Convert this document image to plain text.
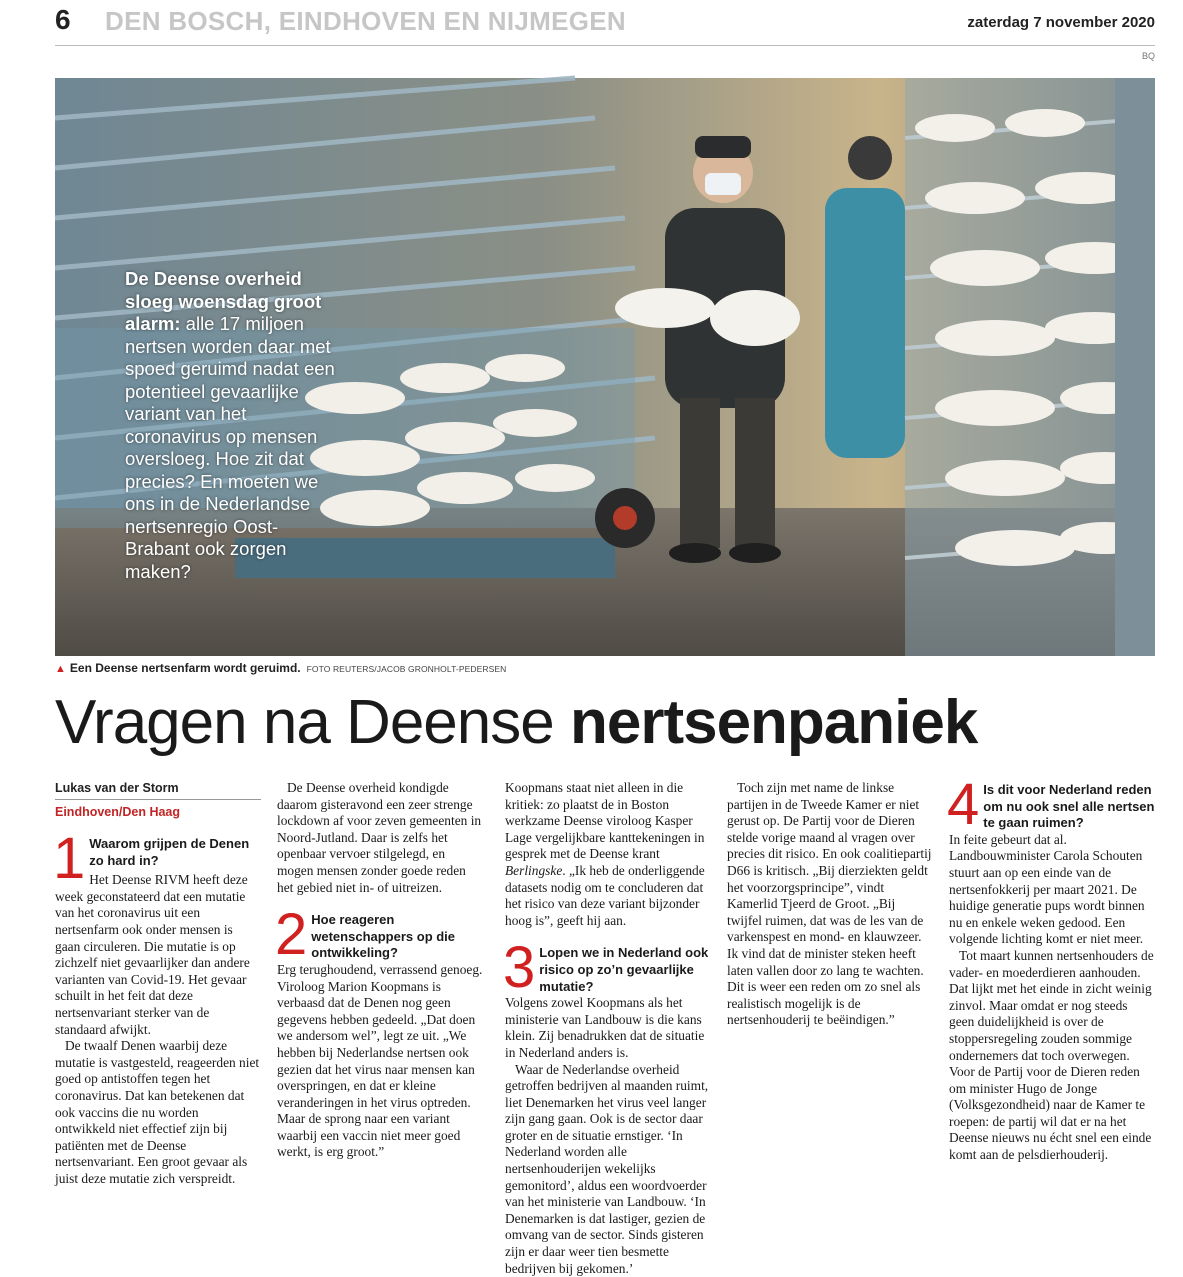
6 DEN BOSCH, EINDHOVEN EN NIJMEGEN	zaterdag 7 november 2020
BQ
De Deense overheid sloeg woensdag groot alarm: alle 17 miljoen nertsen worden daar met spoed geruimd nadat een potentieel gevaarlijke variant van het coronavirus op mensen oversloeg. Hoe zit dat precies? En moeten we ons in de Nederlandse nertsenregio Oost-Brabant ook zorgen maken?
▲ Een Deense nertsenfarm wordt geruimd. FOTO REUTERS/JACOB GRONHOLT-PEDERSEN
Vragen na Deense nertsenpaniek
Lukas van der Storm
Eindhoven/Den Haag
1 Waarom grijpen de Denen zo hard in?

Het Deense RIVM heeft deze week geconstateerd dat een mutatie van het coronavirus uit een nertsenfarm ook onder mensen is gaan circuleren. Die mutatie is op zichzelf niet gevaarlijker dan andere varianten van Covid-19. Het gevaar schuilt in het feit dat deze nertsenvariant sterker van de standaard afwijkt.

De twaalf Denen waarbij deze mutatie is vastgesteld, reageerden niet goed op antistoffen tegen het coronavirus. Dat kan betekenen dat ook vaccins die nu worden ontwikkeld niet effectief zijn bij patiënten met de Deense nertsenvariant. Een groot gevaar als juist deze mutatie zich verspreidt.

De Deense overheid kondigde daarom gisteravond een zeer strenge lockdown af voor zeven gemeenten in Noord-Jutland. Daar is zelfs het openbaar vervoer stilgelegd, en mogen mensen zonder goede reden het gebied niet in- of uitreizen.

2 Hoe reageren wetenschappers op die ontwikkeling?

Erg terughoudend, verrassend genoeg. Viroloog Marion Koopmans is verbaasd dat de Denen nog geen gegevens hebben gedeeld. „Dat doen we andersom wel”, legt ze uit. „We hebben bij Nederlandse nertsen ook gezien dat het virus naar mensen kan overspringen, en dat er kleine veranderingen in het virus optreden. Maar de sprong naar een variant waarbij een vaccin niet meer goed werkt, is erg groot.”

Koopmans staat niet alleen in die kritiek: zo plaatst de in Boston werkzame Deense viroloog Kasper Lage vergelijkbare kanttekeningen in gesprek met de Deense krant Berlingske. „Ik heb de onderliggende datasets nodig om te concluderen dat het risico van deze variant bijzonder hoog is”, geeft hij aan.

3 Lopen we in Nederland ook risico op zo’n gevaarlijke mutatie?

Volgens zowel Koopmans als het ministerie van Landbouw is die kans klein. Zij benadrukken dat de situatie in Nederland anders is.

Waar de Nederlandse overheid getroffen bedrijven al maanden ruimt, liet Denemarken het virus veel langer zijn gang gaan. Ook is de sector daar groter en de situatie ernstiger. ‘In Nederland worden alle nertsenhouderijen wekelijks gemonitord’, aldus een woordvoerder van het ministerie van Landbouw. ‘In Denemarken is dat lastiger, gezien de omvang van de sector. Sinds gisteren zijn er daar weer tien besmette bedrijven bij gekomen.’

Toch zijn met name de linkse partijen in de Tweede Kamer er niet gerust op. De Partij voor de Dieren stelde vorige maand al vragen over precies dit risico. En ook coalitiepartij D66 is kritisch. „Bij dierziekten geldt het voorzorgsprincipe”, vindt Kamerlid Tjeerd de Groot. „Bij twijfel ruimen, dat was de les van de varkenspest en mond- en klauwzeer. Ik vind dat de minister steken heeft laten vallen door zo lang te wachten. Dit is weer een reden om zo snel als realistisch mogelijk is de nertsenhouderij te beëindigen.”

4 Is dit voor Nederland reden om nu ook snel alle nertsen te gaan ruimen?

In feite gebeurt dat al. Landbouwminister Carola Schouten stuurt aan op een einde van de nertsenfokkerij per maart 2021. De huidige generatie pups wordt binnen nu en enkele weken gedood. Een volgende lichting komt er niet meer.

Tot maart kunnen nertsenhouders de vader- en moederdieren aanhouden. Dat lijkt met het einde in zicht weinig zinvol. Maar omdat er nog steeds geen duidelijkheid is over de stoppersregeling zouden sommige ondernemers dat toch overwegen. Voor de Partij voor de Dieren reden om minister Hugo de Jonge (Volksgezondheid) naar de Kamer te roepen: de partij wil dat er na het Deense nieuws nu écht snel een einde komt aan de pelsdierhouderij.
